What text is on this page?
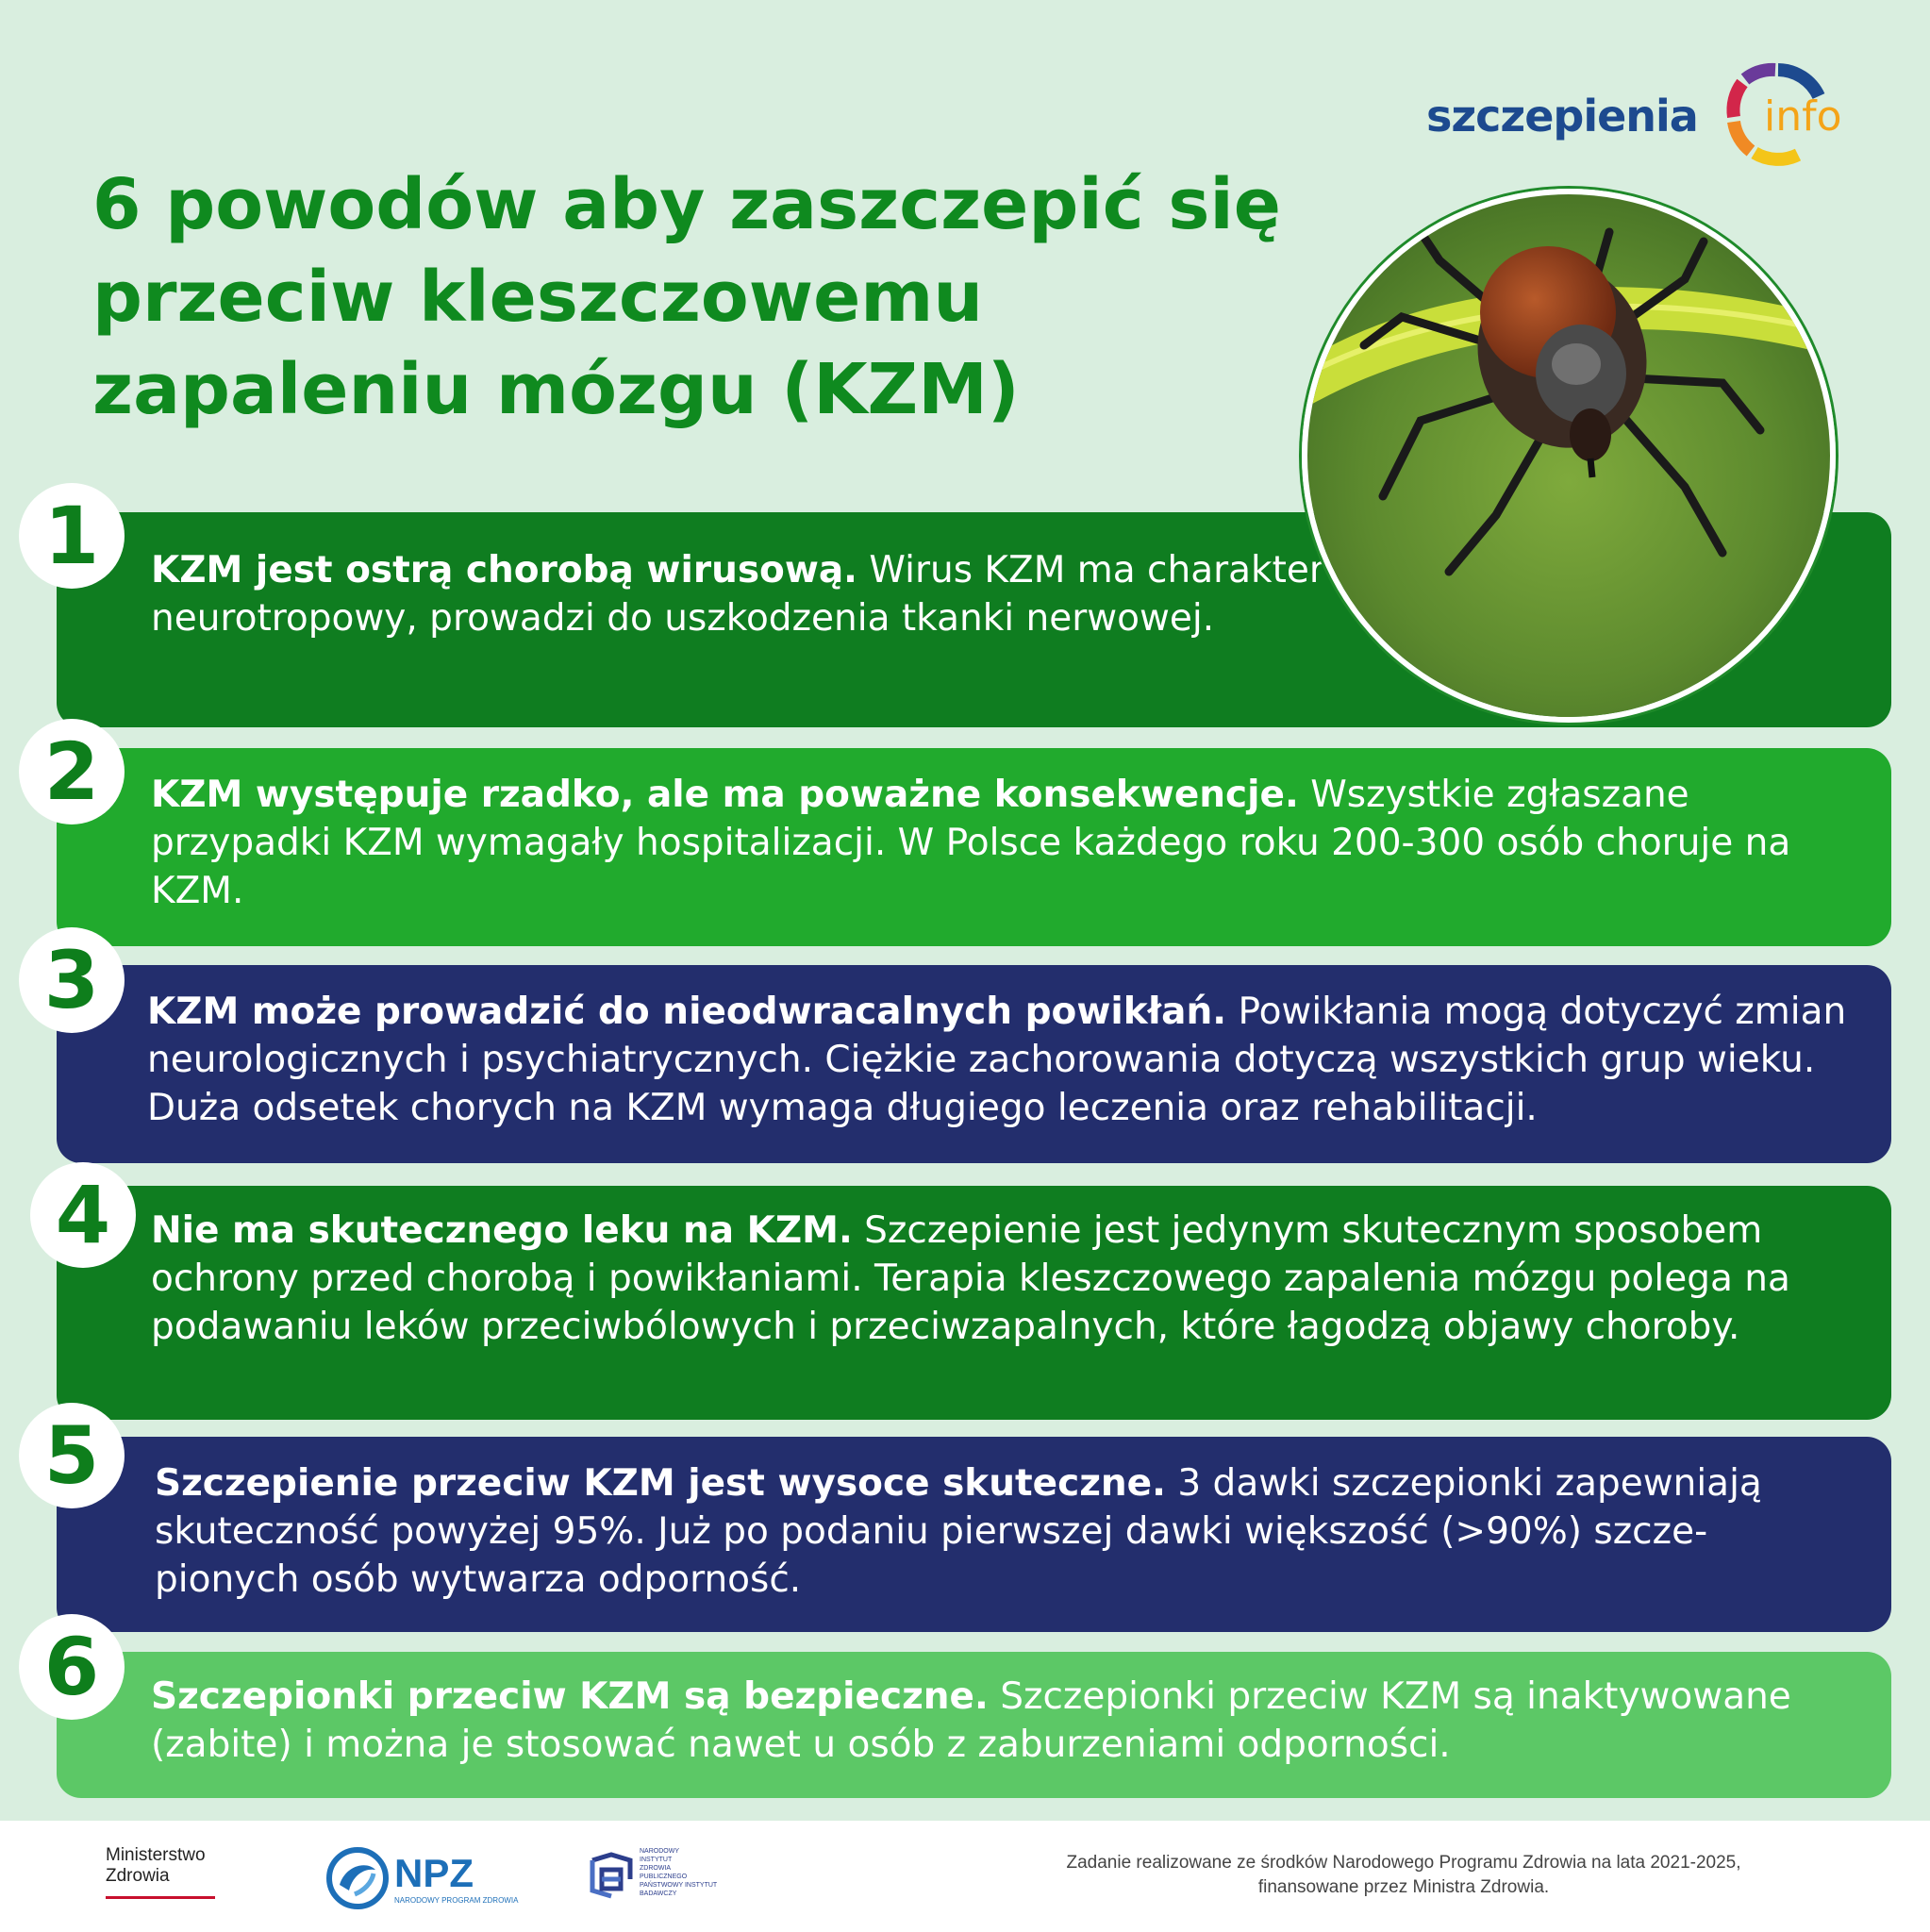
szczepienia info
6 powodów aby zaszczepić się
przeciw kleszczowemu
zapaleniu mózgu (KZM)
1	KZM jest ostrą chorobą wirusową. Wirus KZM ma charakter neurotropowy, prowadzi do uszkodzenia tkanki nerwowej.

2	KZM występuje rzadko, ale ma poważne konsekwencje. Wszystkie zgłaszane przypadki KZM wymagały hospitalizacji. W Polsce każdego roku 200-300 osób choruje na KZM.

3	KZM może prowadzić do nieodwracalnych powikłań. Powikłania mogą dotyczyć zmian neurologicznych i psychiatrycznych. Ciężkie zachorowania dotyczą wszystkich grup wieku. Duża odsetek chorych na KZM wymaga długiego leczenia oraz rehabilitacji.

4	Nie ma skutecznego leku na KZM. Szczepienie jest jedynym skutecznym sposobem ochrony przed chorobą i powikłaniami. Terapia kleszczowego zapalenia mózgu polega na podawaniu leków przeciwbólowych i przeciwzapalnych, które łagodzą objawy choroby.

5	Szczepienie przeciw KZM jest wysoce skuteczne. 3 dawki szczepionki zapewniają skuteczność powyżej 95%. Już po podaniu pierwszej dawki większość (>90%) szcze-pionych osób wytwarza odporność.

6	Szczepionki przeciw KZM są bezpieczne. Szczepionki przeciw KZM są inaktywowane (zabite) i można je stosować nawet u osób z zaburzeniami odporności.

Ministerstwo
Zdrowia	NPZ
NARODOWY PROGRAM ZDROWIA
NARODOWY
INSTYTUT
ZDROWIA
PUBLICZNEGO
PAŃSTWOWY INSTYTUT
BADAWCZY
Zadanie realizowane ze środków Narodowego Programu Zdrowia na lata 2021-2025,
finansowane przez Ministra Zdrowia.
